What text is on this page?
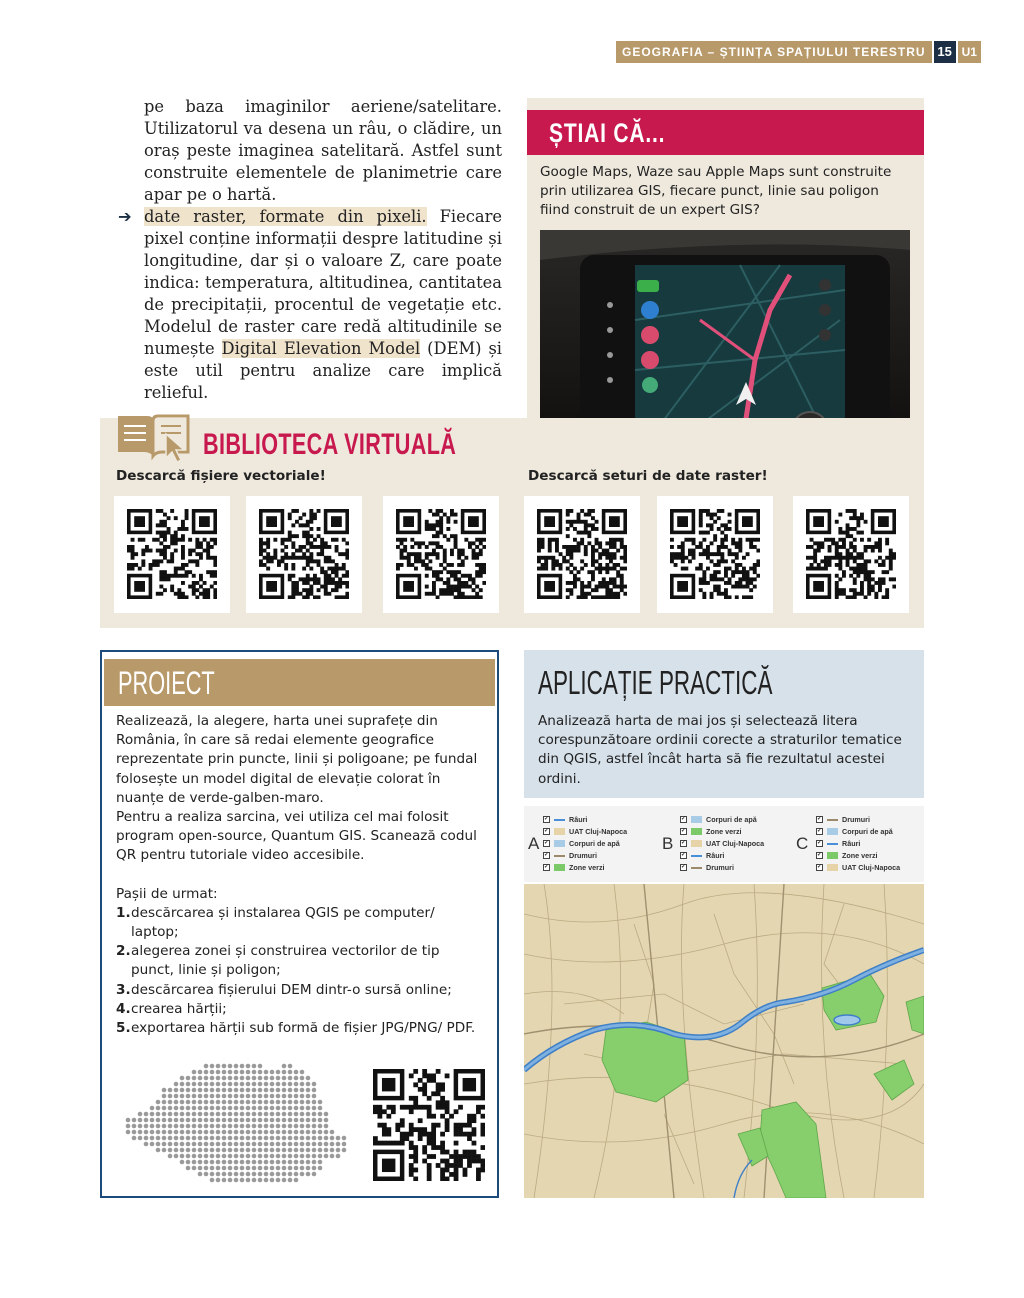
GEOGRAFIA – ȘTIINȚA SPAȚIULUI TERESTRU 15 U1

pe baza imaginilor aeriene/satelitare. Utilizatorul va desena un râu, o clădire, un oraș peste imaginea satelitară. Astfel sunt construite elementele de planimetrie care apar pe o hartă.

➔ date raster, formate din pixeli. Fiecare pixel conține informații despre latitudine și longitudine, dar și o valoare Z, care poate indica: temperatura, altitudinea, cantitatea de precipitații, procentul de vegetație etc. Modelul de raster care redă altitudinile se numește Digital Elevation Model (DEM) și este util pentru analize care implică relieful.

ȘTIAI CĂ...
Google Maps, Waze sau Apple Maps sunt construite prin utilizarea GIS, fiecare punct, linie sau poligon fiind construit de un expert GIS?
BIBLIOTECA VIRTUALĂ
Descarcă fișiere vectoriale!	Descarcă seturi de date raster!
PROIECT

Realizează, la alegere, harta unei suprafețe din România, în care să redai elemente geografice reprezentate prin puncte, linii și poligoane; pe fundal folosește un model digital de elevație colorat în nuanțe de verde-galben-maro.

Pentru a realiza sarcina, vei utiliza cel mai folosit program open-source, Quantum GIS. Scanează codul QR pentru tutoriale video accesibile.

Pașii de urmat:

1. descărcarea și instalarea QGIS pe computer/ laptop;
2. alegerea zonei și construirea vectorilor de tip punct, linie și poligon;
3. descărcarea fișierului DEM dintr-o sursă online;
4. crearea hărții;
5. exportarea hărții sub formă de fișier JPG/PNG/ PDF.
APLICAȚIE PRACTICĂ
Analizează harta de mai jos și selectează litera corespunzătoare ordinii corecte a straturilor tematice din QGIS, astfel încât harta să fie rezultatul acestei ordini.
A
✓	Râuri
✓	UAT Cluj-Napoca
✓	Corpuri de apă
✓	Drumuri
✓	Zone verzi
B
✓	Corpuri de apă
✓	Zone verzi
✓	UAT Cluj-Napoca
✓	Râuri
✓	Drumuri
C
✓	Drumuri
✓	Corpuri de apă
✓	Râuri
✓	Zone verzi
✓	UAT Cluj-Napoca
